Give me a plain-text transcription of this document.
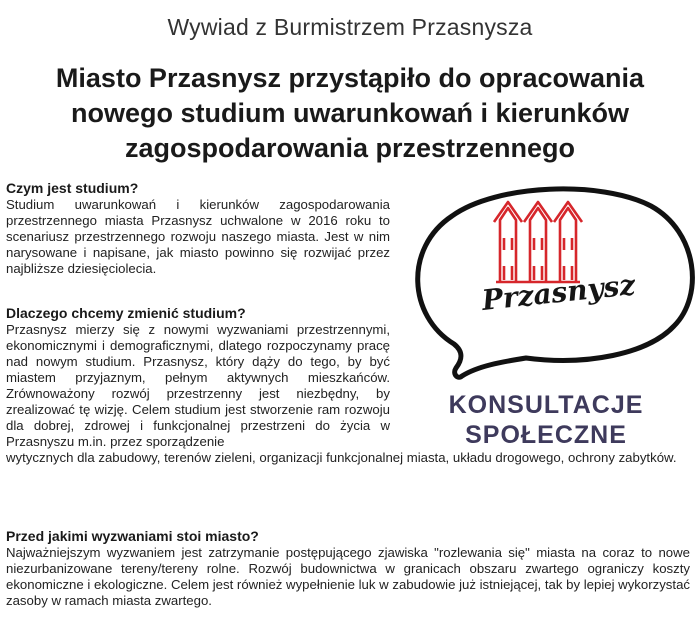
Wywiad z Burmistrzem Przasnysza
Miasto Przasnysz przystąpiło do opracowania
nowego studium uwarunkowań i kierunków
zagospodarowania przestrzennego
Czym jest studium?

Studium uwarunkowań i kierunków zagospodarowania przestrzennego miasta Przasnysz uchwalone w 2016 roku to scenariusz przestrzennego rozwoju naszego miasta. Jest w nim narysowane i napisane, jak miasto powinno się rozwijać przez najbliższe dziesięciolecia.

Dlaczego chcemy zmienić studium?

Przasnysz mierzy się z nowymi wyzwaniami przestrzennymi, ekonomicznymi i demograficznymi, dlatego rozpoczynamy pracę nad nowym studium. Przasnysz, który dąży do tego, by być miastem przyjaznym, pełnym aktywnych mieszkańców. Zrównoważony rozwój przestrzenny jest niezbędny, by zrealizować tę wizję. Celem studium jest stworzenie ram rozwoju dla dobrej, zdrowej i funkcjonalnej przestrzeni do życia w Przasnyszu m.in. przez sporządzenie

wytycznych dla zabudowy, terenów zieleni, organizacji funkcjonalnej miasta, układu drogowego, ochrony zabytków.

Przed jakimi wyzwaniami stoi miasto?

Najważniejszym wyzwaniem jest zatrzymanie postępującego zjawiska "rozlewania się" miasta na coraz to nowe niezurbanizowane tereny/tereny rolne. Rozwój budownictwa w granicach obszaru zwartego ograniczy koszty ekonomiczne i ekologiczne. Celem jest również wypełnienie luk w zabudowie już istniejącej, tak by lepiej wykorzystać zasoby w ramach miasta zwartego.

Przasnysz
KONSULTACJE
SPOŁECZNE
